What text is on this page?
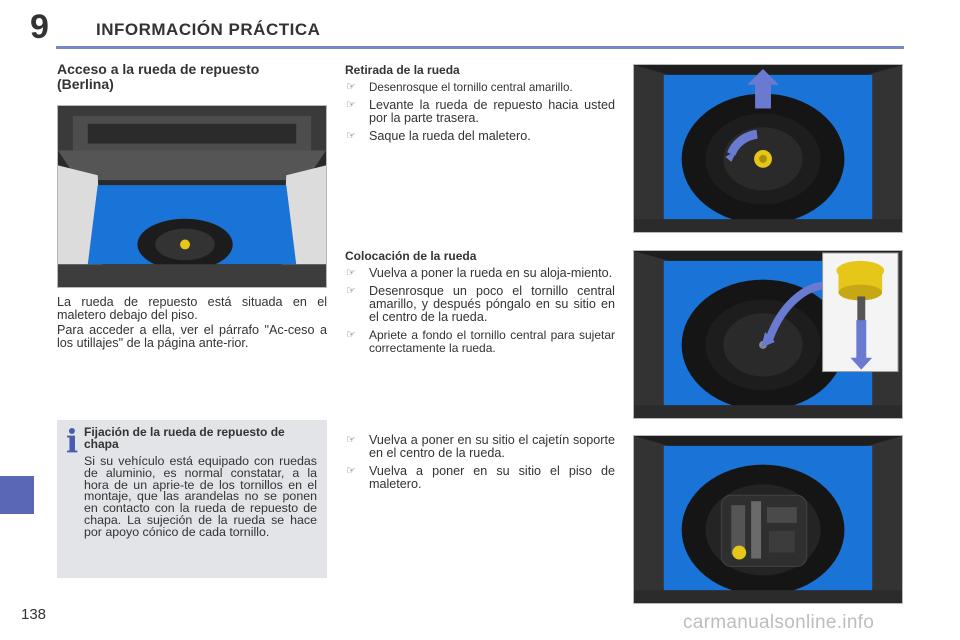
9	INFORMACIÓN PRÁCTICA
Acceso a la rueda de repuesto (Berlina)
La rueda de repuesto está situada en el maletero debajo del piso.
Para acceder a ella, ver el párrafo "Ac-ceso a los utillajes" de la página ante-rior.
i Fijación de la rueda de repuesto de chapa
Si su vehículo está equipado con ruedas de aluminio, es normal constatar, a la hora de un aprie-te de los tornillos en el montaje, que las arandelas no se ponen en contacto con la rueda de repuesto de chapa. La sujeción de la rueda se hace por apoyo cónico de cada tornillo.
Retirada de la rueda
☞ Desenrosque el tornillo central amarillo.
☞ Levante la rueda de repuesto hacia usted por la parte trasera.
☞ Saque la rueda del maletero.
Colocación de la rueda
☞ Vuelva a poner la rueda en su aloja-miento.
☞ Desenrosque un poco el tornillo central amarillo, y después póngalo en su sitio en el centro de la rueda.
☞ Apriete a fondo el tornillo central para sujetar correctamente la rueda.
☞ Vuelva a poner en su sitio el cajetín soporte en el centro de la rueda.
☞ Vuelva a poner en su sitio el piso de maletero.
138	carmanualsonline.info
